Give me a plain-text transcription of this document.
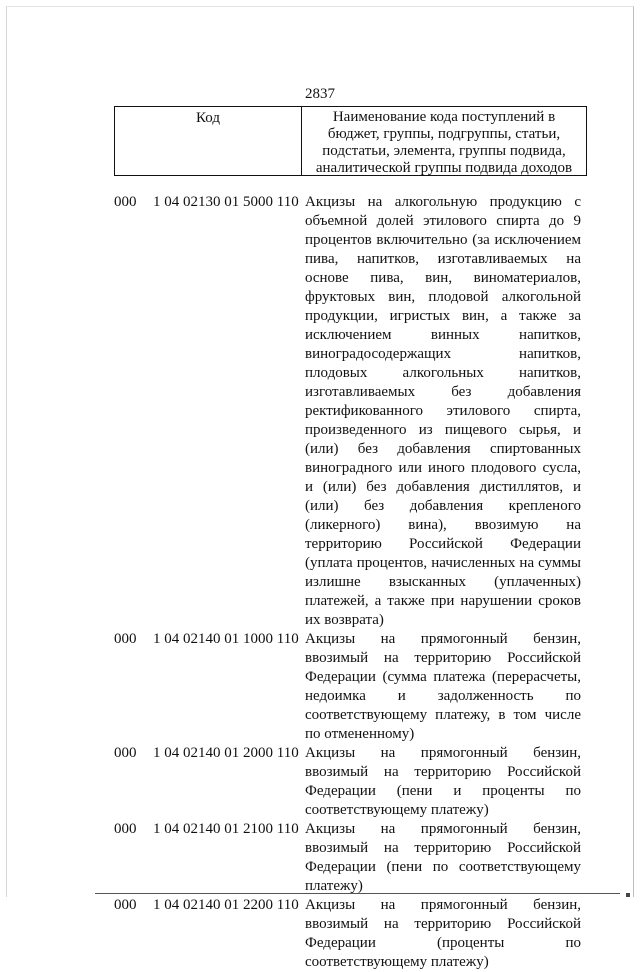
2837
Код	Наименование кода поступлений в бюджет, группы, подгруппы, статьи, подстатьи, элемента, группы подвида, аналитической группы подвида доходов
000	1 04 02130 01 5000 110 Акцизы на алкогольную продукцию с объемной долей этилового спирта до 9 процентов включительно (за исключением пива, напитков, изготавливаемых на основе пива, вин, виноматериалов, фруктовых вин, плодовой алкогольной продукции, игристых вин, а также за исключением винных напитков, виноградосодержащих напитков, плодовых алкогольных напитков, изготавливаемых без добавления ректификованного этилового спирта, произведенного из пищевого сырья, и (или) без добавления спиртованных виноградного или иного плодового сусла, и (или) без добавления дистиллятов, и (или) без добавления крепленого (ликерного) вина), ввозимую на территорию Российской Федерации (уплата процентов, начисленных на суммы излишне взысканных (уплаченных) платежей, а также при нарушении сроков их возврата)
000	1 04 02140 01 1000 110 Акцизы на прямогонный бензин, ввозимый на территорию Российской Федерации (сумма платежа (перерасчеты, недоимка и задолженность по соответствующему платежу, в том числе по отмененному)
000	1 04 02140 01 2000 110 Акцизы на прямогонный бензин, ввозимый на территорию Российской Федерации (пени и проценты по соответствующему платежу)
000	1 04 02140 01 2100 110 Акцизы на прямогонный бензин, ввозимый на территорию Российской Федерации (пени по соответствующему платежу)
000	1 04 02140 01 2200 110 Акцизы на прямогонный бензин, ввозимый на территорию Российской Федерации (проценты по соответствующему платежу)
